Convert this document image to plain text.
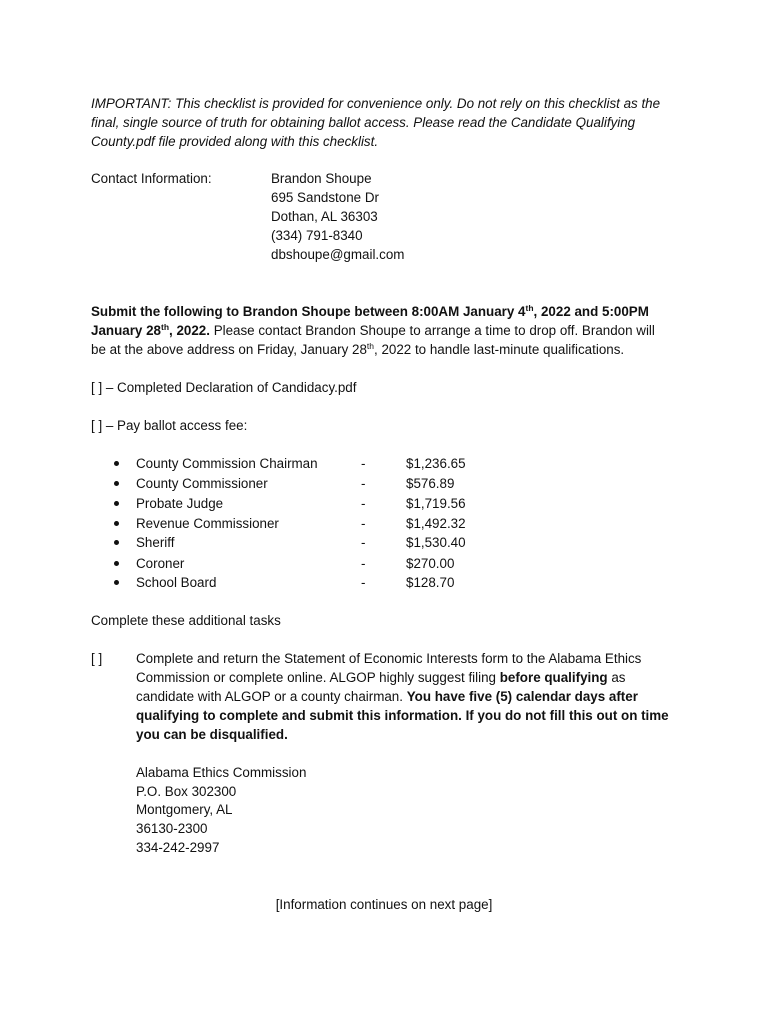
IMPORTANT: This checklist is provided for convenience only. Do not rely on this checklist as the
final, single source of truth for obtaining ballot access. Please read the Candidate Qualifying
County.pdf file provided along with this checklist.
Contact Information:	Brandon Shoupe
695 Sandstone Dr
Dothan, AL 36303
(334) 791-8340
dbshoupe@gmail.com
Submit the following to Brandon Shoupe between 8:00AM January 4th, 2022 and 5:00PM
January 28th, 2022. Please contact Brandon Shoupe to arrange a time to drop off. Brandon will
be at the above address on Friday, January 28th, 2022 to handle last-minute qualifications.
[ ] – Completed Declaration of Candidacy.pdf
[ ] – Pay ballot access fee:
County Commission Chairman	-	$1,236.65
County Commissioner	-	$576.89
Probate Judge	-	$1,719.56
Revenue Commissioner	-	$1,492.32
Sheriff	-	$1,530.40
Coroner	-	$270.00
School Board	-	$128.70
Complete these additional tasks
[ ]	Complete and return the Statement of Economic Interests form to the Alabama Ethics
Commission or complete online. ALGOP highly suggest filing before qualifying as
candidate with ALGOP or a county chairman. You have five (5) calendar days after
qualifying to complete and submit this information. If you do not fill this out on time
you can be disqualified.
Alabama Ethics Commission
P.O. Box 302300
Montgomery, AL
36130-2300
334-242-2997
[Information continues on next page]
